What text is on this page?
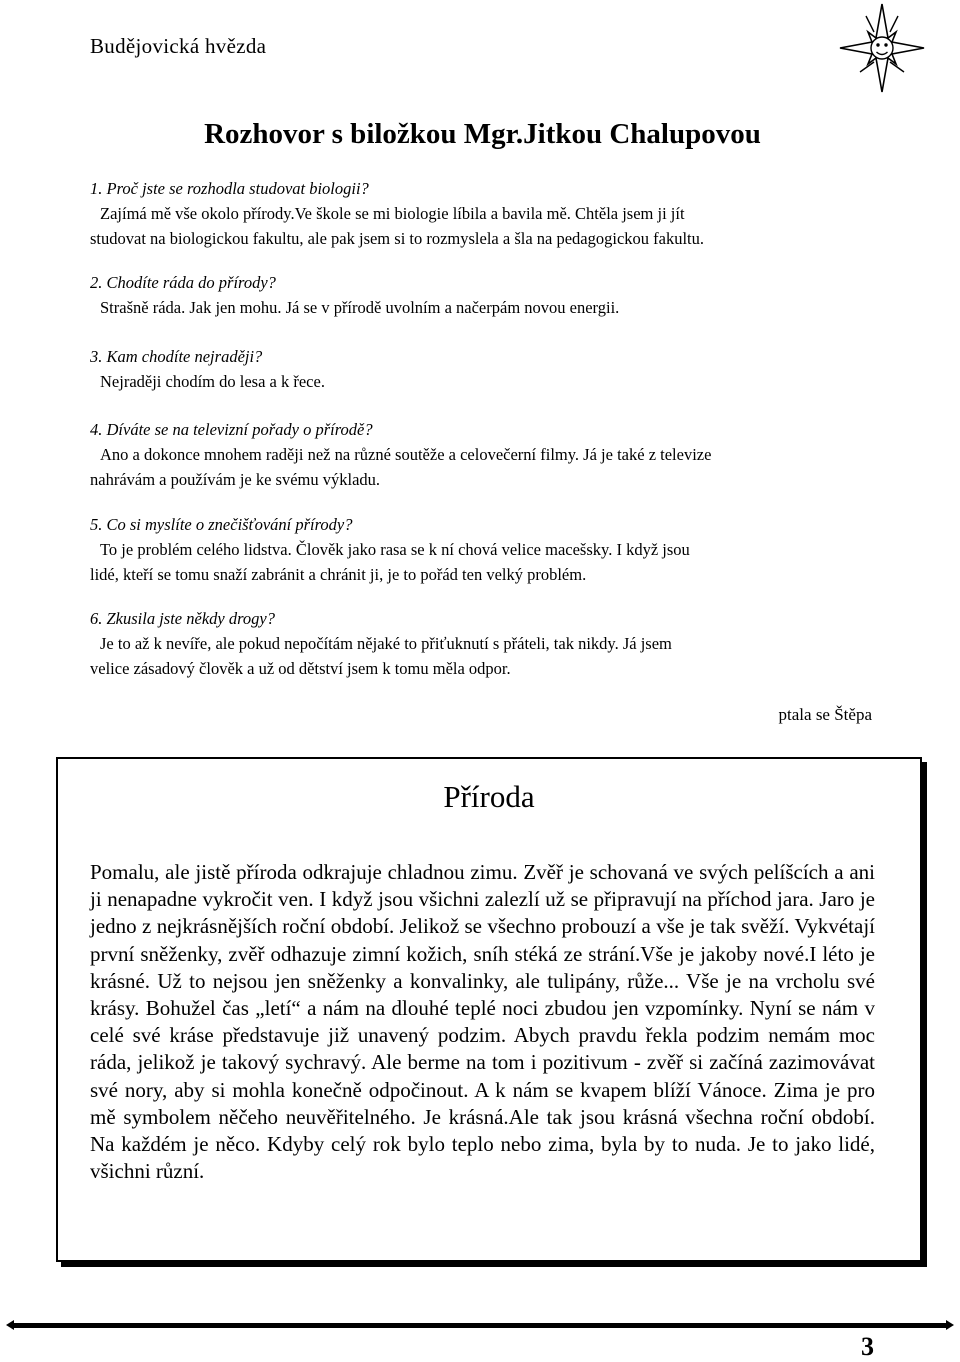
Budějovická hvězda
Rozhovor s biložkou Mgr.Jitkou Chalupovou
1. Proč jste se rozhodla studovat biologii?
Zajímá mě vše okolo přírody.Ve škole se mi biologie líbila a bavila mě. Chtěla jsem ji jít
studovat na biologickou fakultu, ale pak jsem si to rozmyslela a šla na pedagogickou fakultu.
2. Chodíte ráda do přírody?
Strašně ráda. Jak jen mohu. Já se v přírodě uvolním a načerpám novou energii.
3. Kam chodíte nejraději?
Nejraději chodím do lesa a k řece.
4. Díváte se na televizní pořady o přírodě?
Ano a dokonce mnohem raději než na různé soutěže a celovečerní filmy. Já je také z televize
nahrávám a používám je ke svému výkladu.
5. Co si myslíte o znečišťování přírody?
To je problém celého lidstva. Člověk jako rasa se k ní chová velice macešsky. I když jsou
lidé, kteří se tomu snaží zabránit a chránit ji, je to pořád ten velký problém.
6. Zkusila jste někdy drogy?
Je to až k nevíře, ale pokud nepočítám nějaké to přiťuknutí s přáteli, tak nikdy. Já jsem
velice zásadový člověk a už od dětství jsem k tomu měla odpor.
ptala se Štěpa
Příroda
Pomalu, ale jistě příroda odkrajuje chladnou zimu. Zvěř je schovaná ve svých pelíšcích a ani ji nenapadne vykročit ven. I když jsou všichni zalezlí už se připravují na příchod jara. Jaro je jedno z nejkrásnějších roční období. Jelikož se všechno probouzí a vše je tak svěží. Vykvétají první sněženky, zvěř odhazuje zimní kožich, sníh stéká ze strání.Vše je jakoby nové.I léto je krásné. Už to nejsou jen sněženky a konvalinky, ale tulipány, růže... Vše je na vrcholu své krásy. Bohužel čas „letí“ a nám na dlouhé teplé noci zbudou jen vzpomínky. Nyní se nám v celé své kráse představuje již unavený podzim. Abych pravdu řekla podzim nemám moc ráda, jelikož je takový sychravý. Ale berme na tom i pozitivum - zvěř si začíná zazimovávat své nory, aby si mohla konečně odpočinout. A k nám se kvapem blíží Vánoce. Zima je pro mě symbolem něčeho neuvěřitelného. Je krásná.Ale tak jsou krásná všechna roční období. Na každém je něco. Kdyby celý rok bylo teplo nebo zima, byla by to nuda. Je to jako lidé, všichni různí.
3
